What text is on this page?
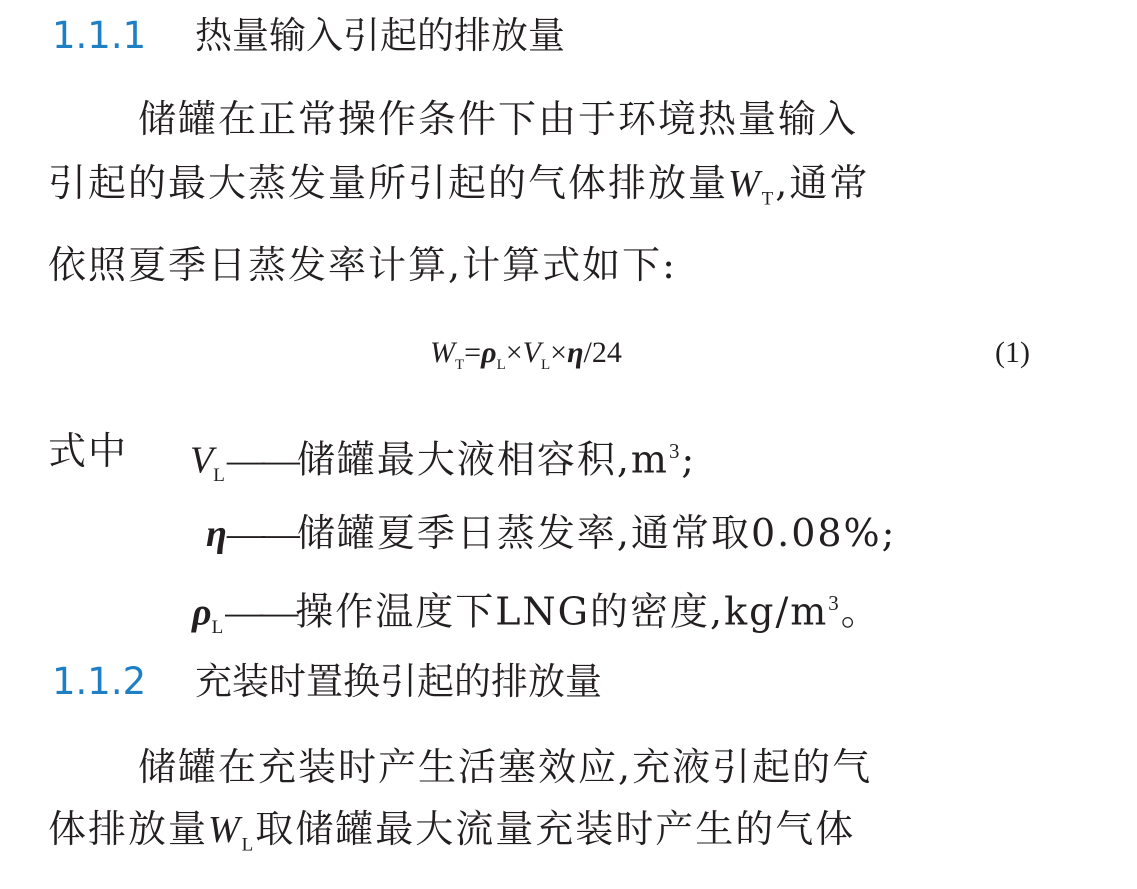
1.1.1 热量输入引起的排放量
储罐在正常操作条件下由于环境热量输入
引起的最大蒸发量所引起的气体排放量$W_T$,通常
依照夏季日蒸发率计算,计算式如下:
$W_T=\rho_L\times V_L\times\eta/24$	(1)
式中 $V_L——$储罐最大液相容积$,m^3$;
η——储罐夏季日蒸发率,通常取0.08%;
$\rho_L——$操作温度下LNG的密度$,kg/m^3$。
1.1.2 充装时置换引起的排放量
储罐在充装时产生活塞效应,充液引起的气
体排放量$W_L$取储罐最大流量充装时产生的气体
